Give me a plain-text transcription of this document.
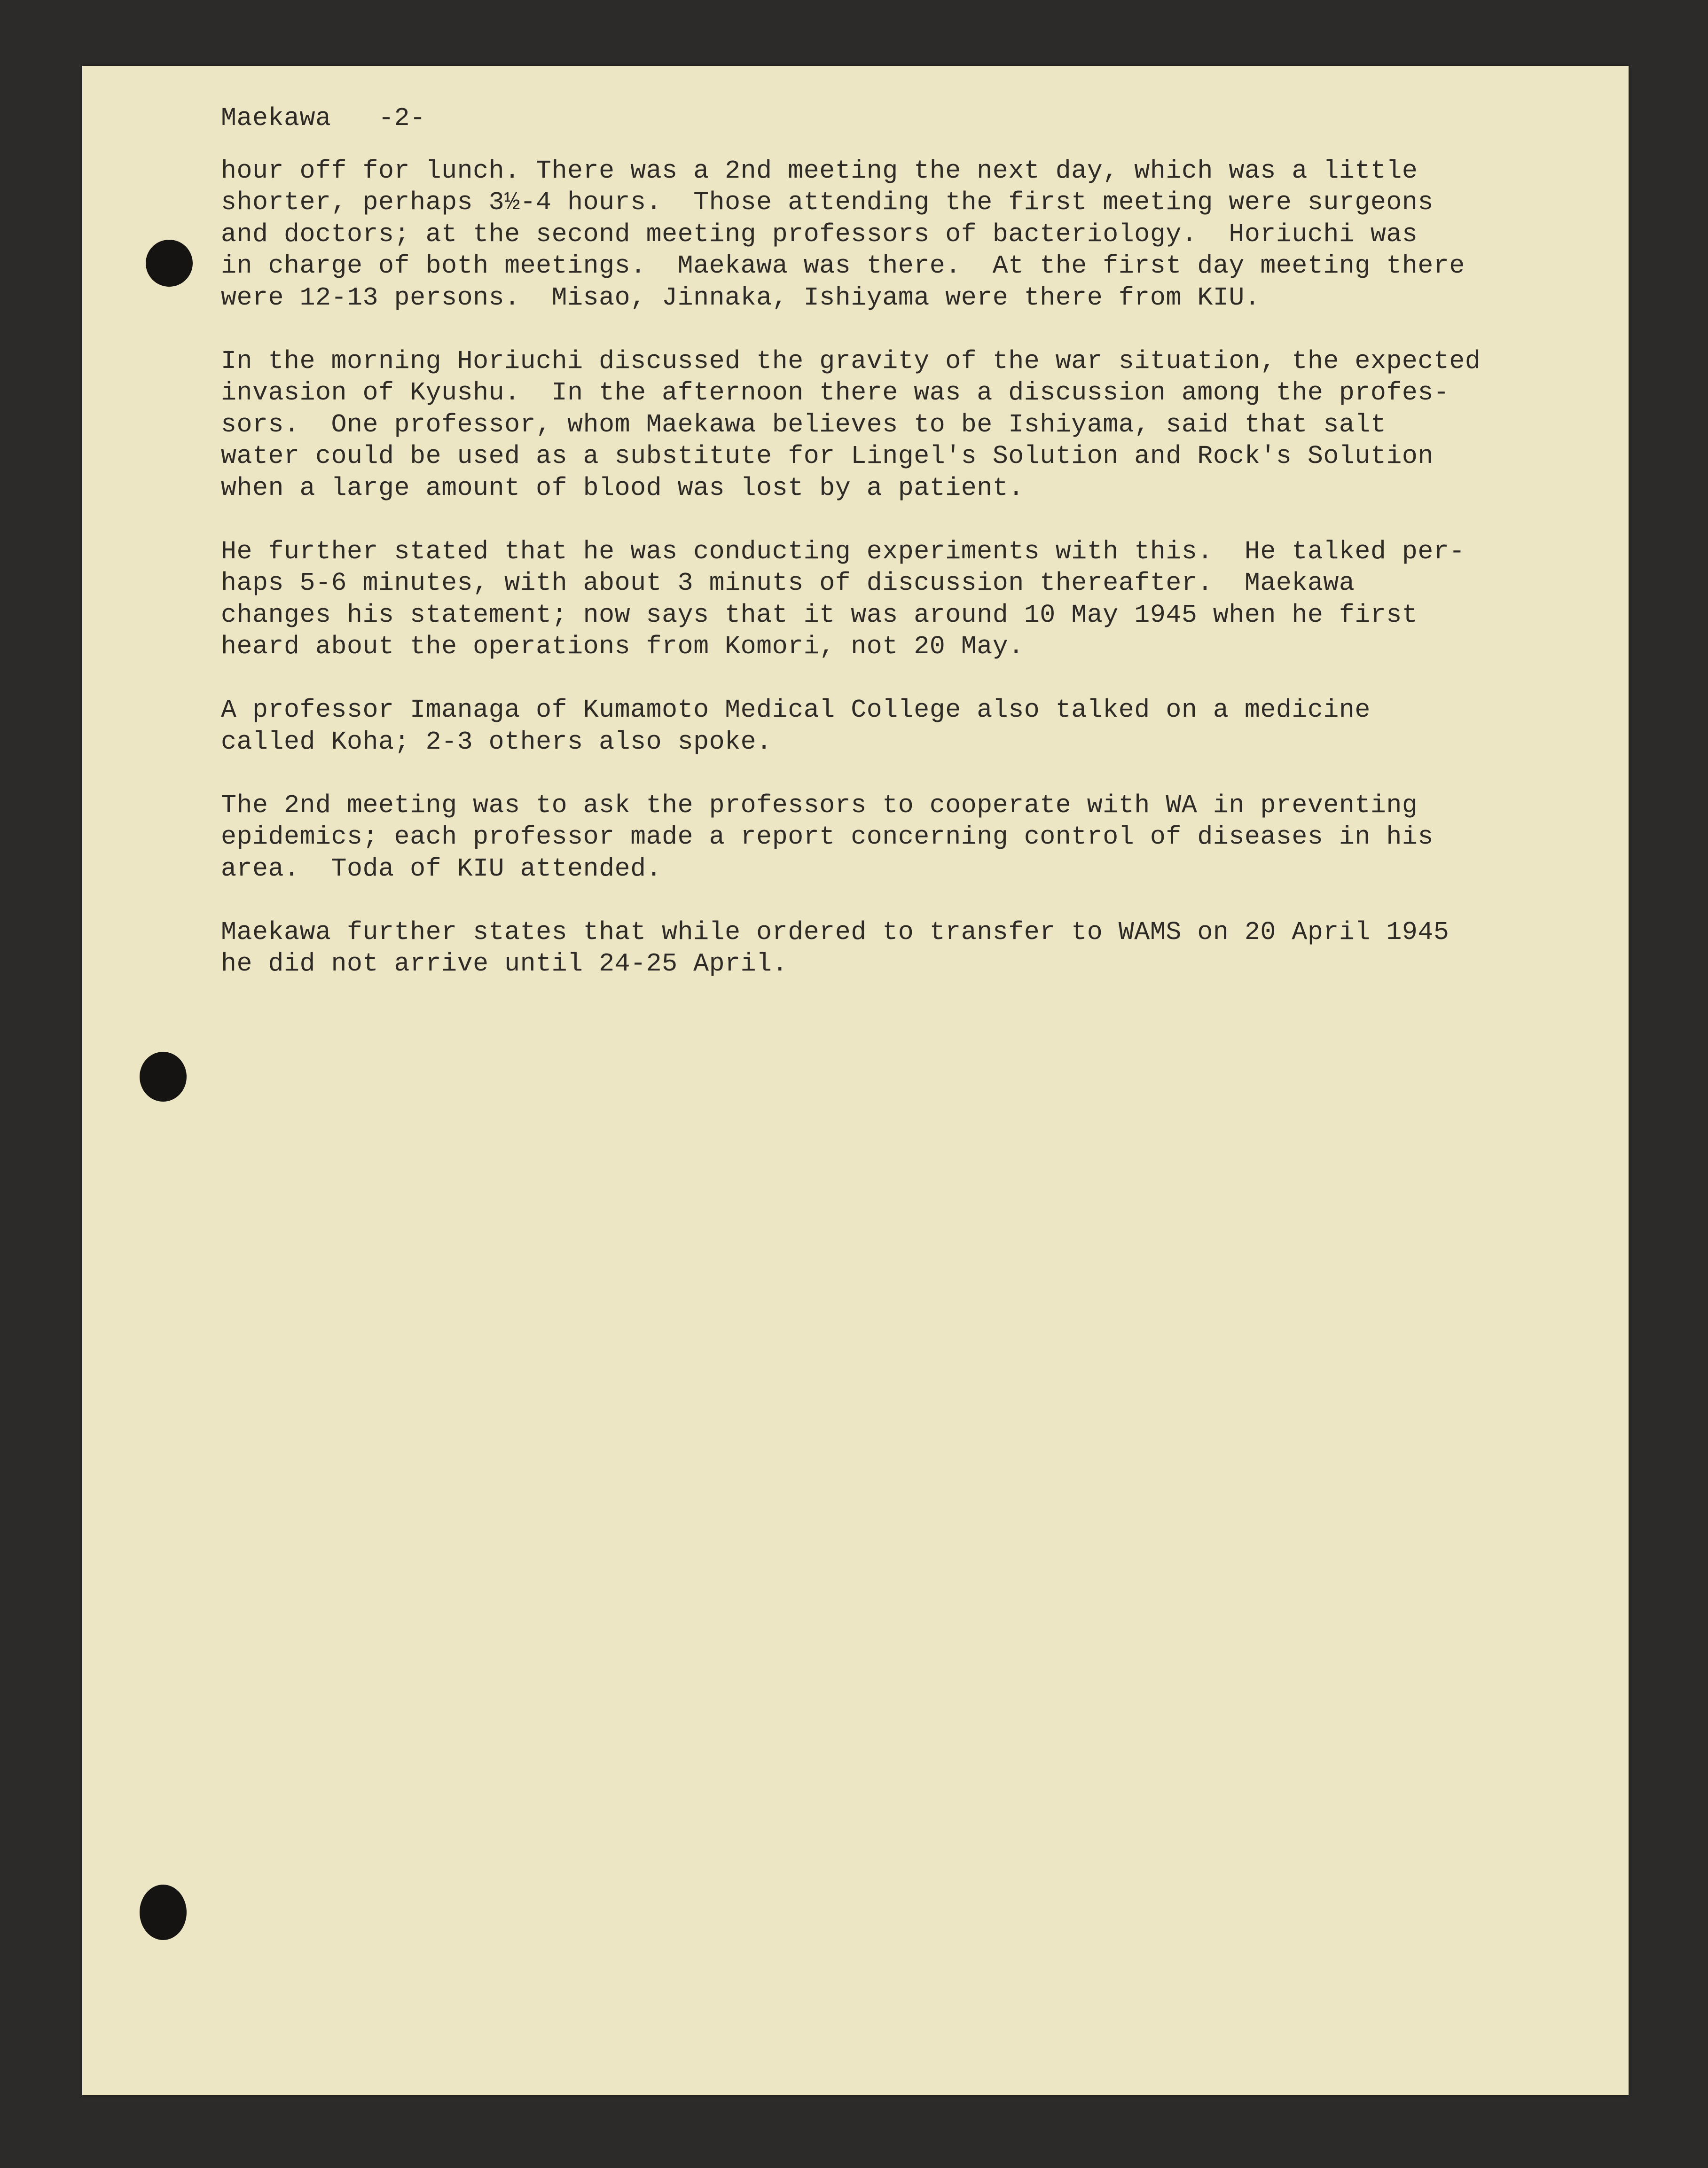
Maekawa   -2-
hour off for lunch. There was a 2nd meeting the next day, which was a little
shorter, perhaps 3½-4 hours.  Those attending the first meeting were surgeons
and doctors; at the second meeting professors of bacteriology.  Horiuchi was
in charge of both meetings.  Maekawa was there.  At the first day meeting there
were 12-13 persons.  Misao, Jinnaka, Ishiyama were there from KIU.
In the morning Horiuchi discussed the gravity of the war situation, the expected
invasion of Kyushu.  In the afternoon there was a discussion among the profes-
sors.  One professor, whom Maekawa believes to be Ishiyama, said that salt
water could be used as a substitute for Lingel's Solution and Rock's Solution
when a large amount of blood was lost by a patient.
He further stated that he was conducting experiments with this.  He talked per-
haps 5-6 minutes, with about 3 minuts of discussion thereafter.  Maekawa
changes his statement; now says that it was around 10 May 1945 when he first
heard about the operations from Komori, not 20 May.
A professor Imanaga of Kumamoto Medical College also talked on a medicine
called Koha; 2-3 others also spoke.
The 2nd meeting was to ask the professors to cooperate with WA in preventing
epidemics; each professor made a report concerning control of diseases in his
area.  Toda of KIU attended.
Maekawa further states that while ordered to transfer to WAMS on 20 April 1945
he did not arrive until 24-25 April.
